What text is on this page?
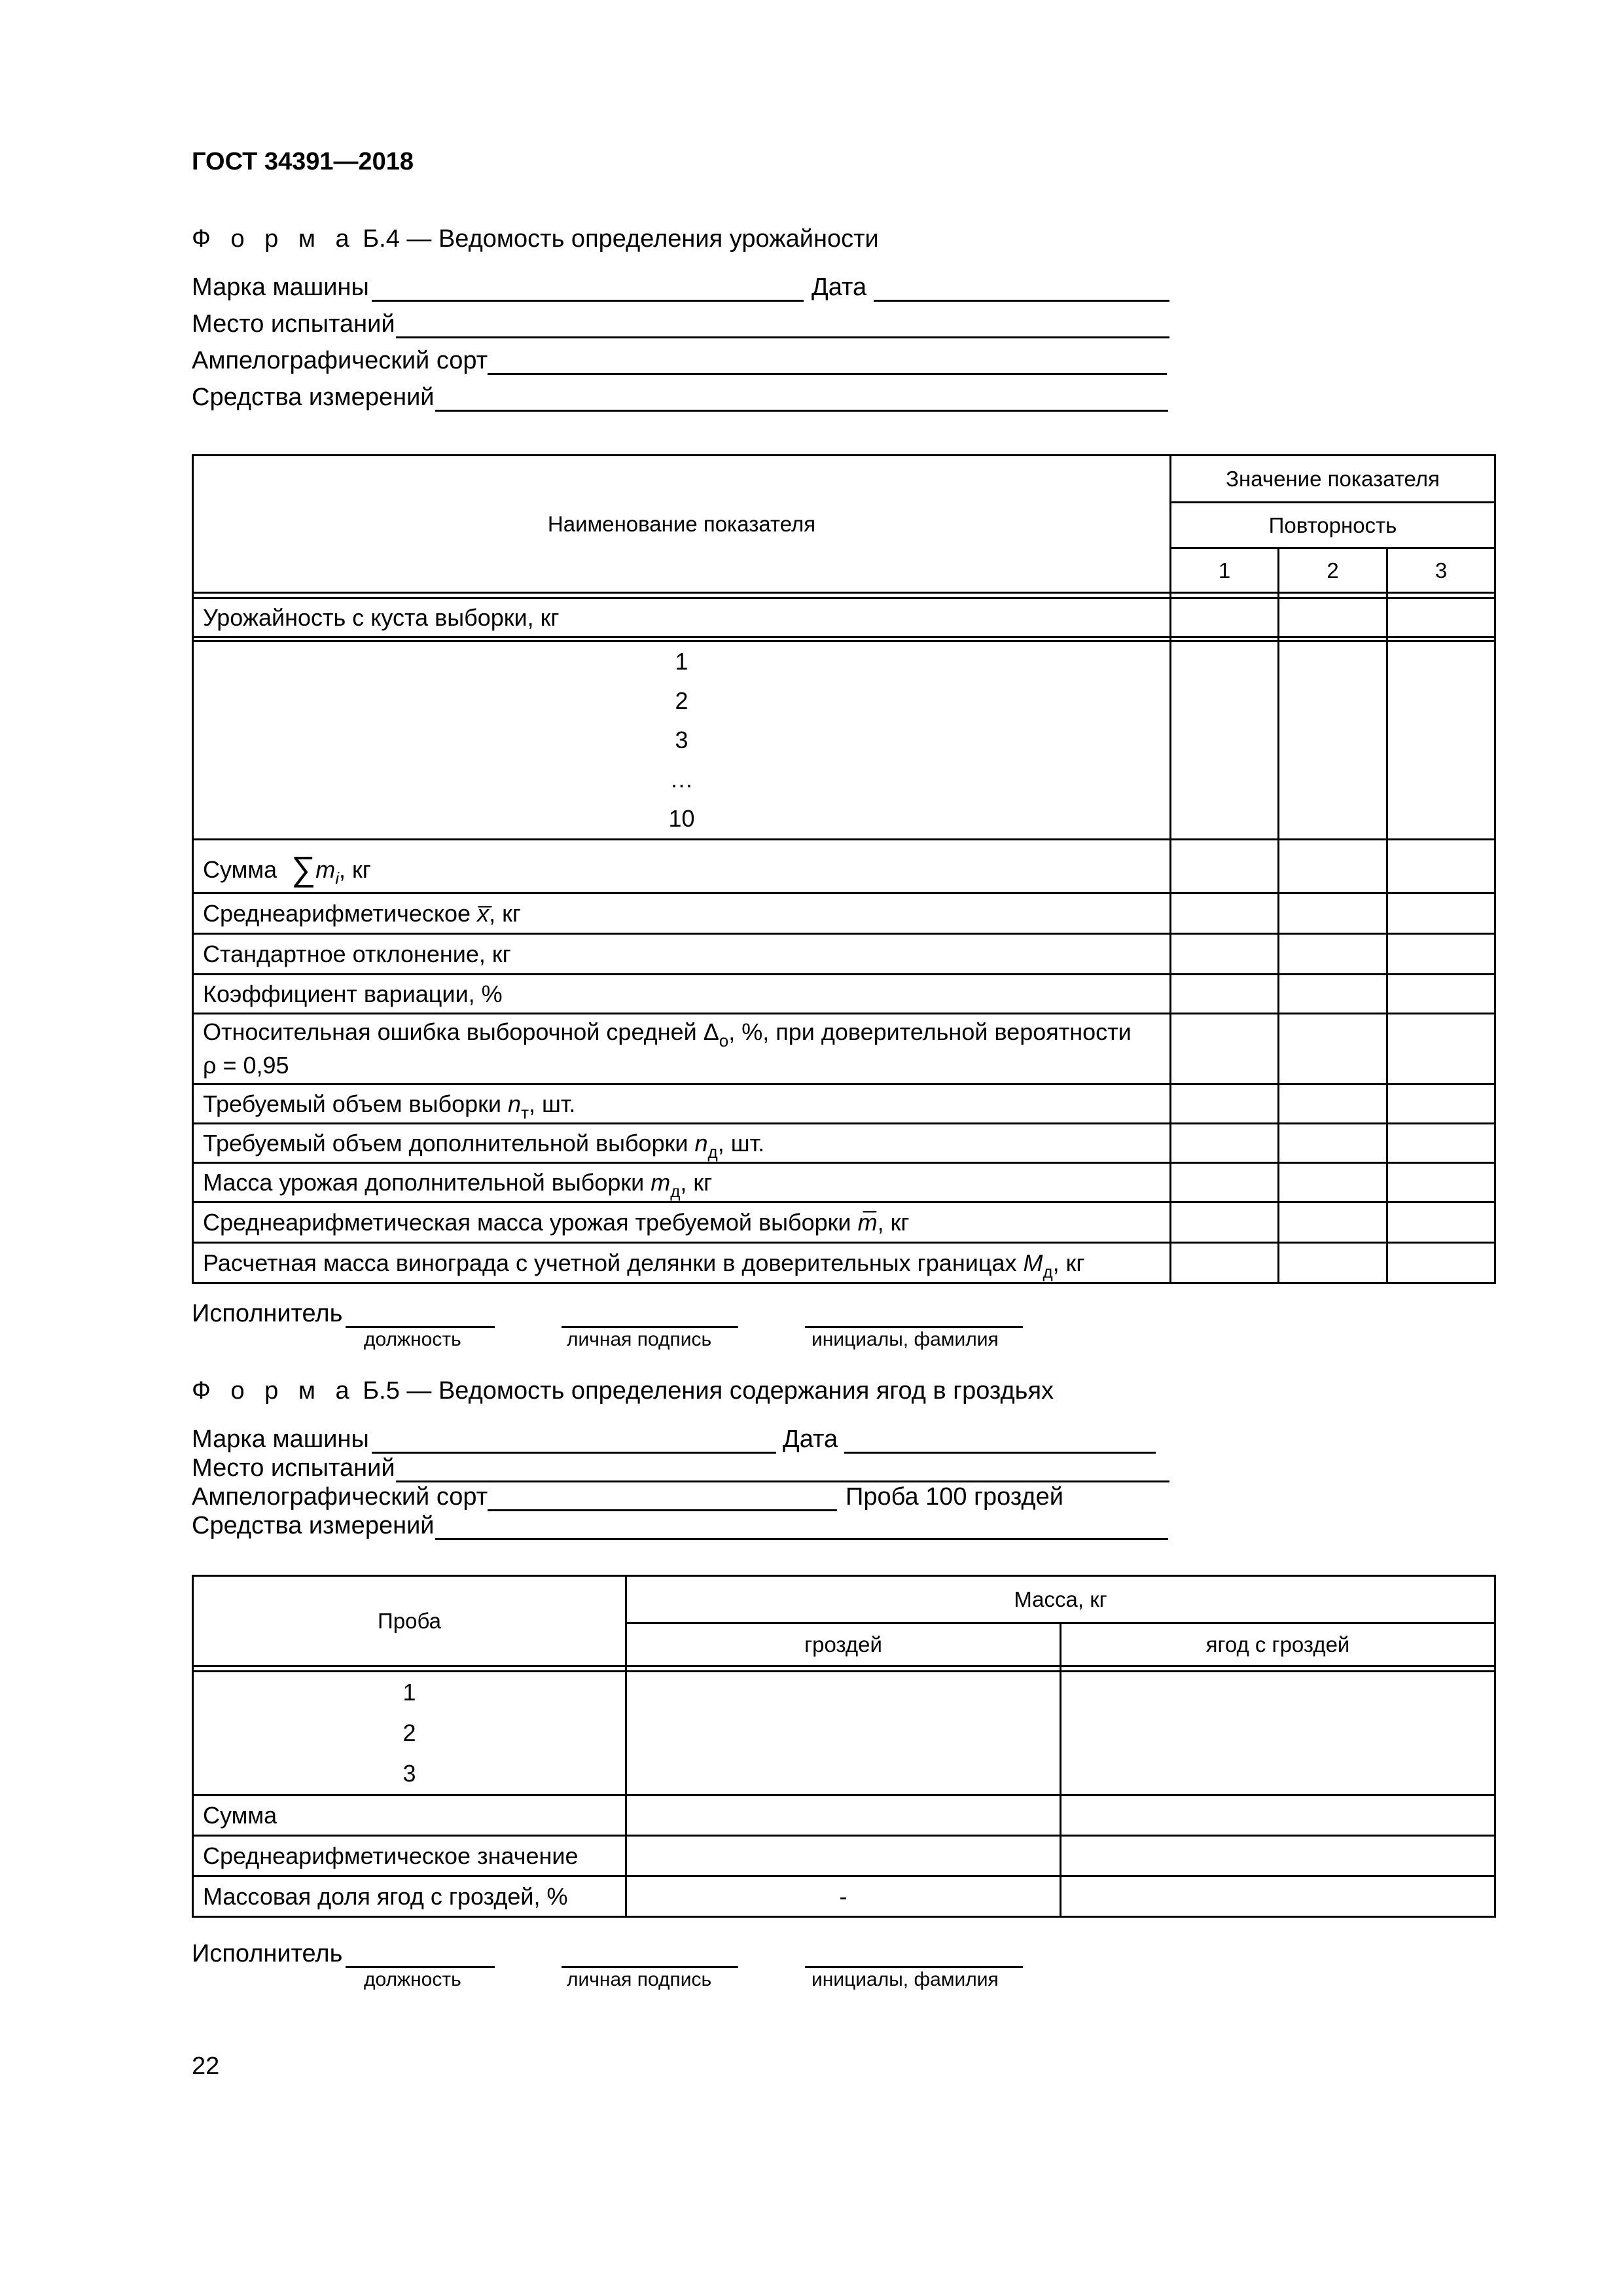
ГОСТ 34391—2018
Ф о р м а Б.4 — Ведомость определения урожайности
Марка машины	Дата
Место испытаний
Ампелографический сорт
Средства измерений
Наименование показателя	Значение показателя		
	Повторность		
	1	2	3

Урожайность с куста выборки, кг			

1
2
3
…
10			

Сумма $\sum m_i$, кг			
Среднеарифметическое x̅, кг			
Стандартное отклонение, кг			
Коэффициент вариации, %			

Относительная ошибка выборочной средней $\Delta_о$, %, при доверительной вероятности
ρ = 0,95			

Требуемый объем выборки $n_т$, шт.			
Требуемый объем дополнительной выборки $n_д$, шт.			
Масса урожая дополнительной выборки $m_д$, кг			
Среднеарифметическая масса урожая требуемой выборки m̅, кг			
Расчетная масса винограда с учетной делянки в доверительных границах $М_д$, кг			
Исполнитель
должность	личная подпись	инициалы, фамилия
Ф о р м а Б.5 — Ведомость определения содержания ягод в гроздьях
Марка машины	Дата
Место испытаний
Ампелографический сорт	Проба 100 гроздей
Средства измерений
Проба	Масса, кг	
	гроздей	ягод с гроздей

1
2
3		

Сумма		
Среднеарифметическое значение		
Массовая доля ягод с гроздей, %	-	
Исполнитель
должность	личная подпись	инициалы, фамилия
22
